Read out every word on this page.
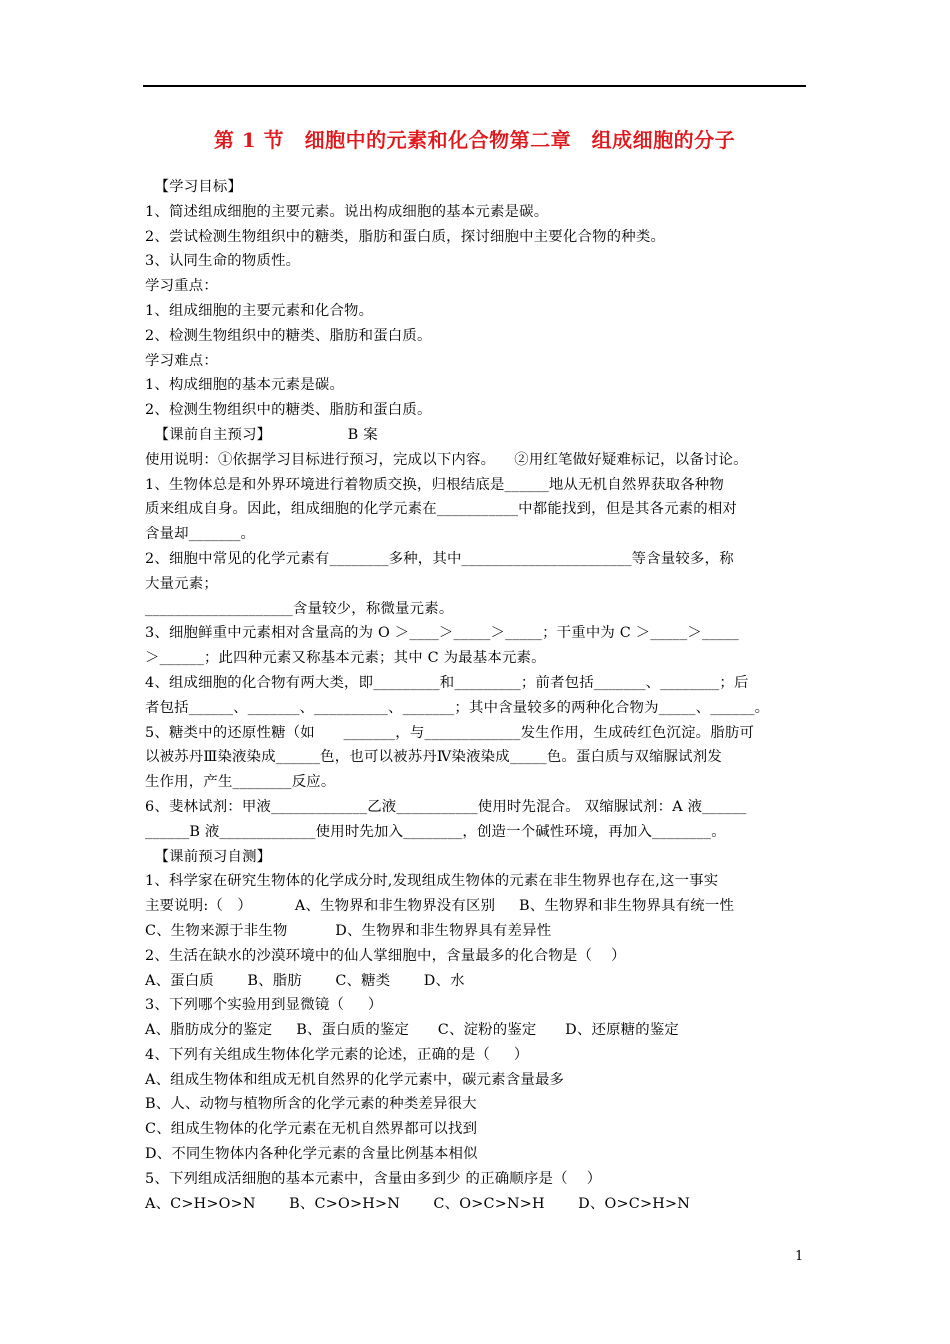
第 1 节　细胞中的元素和化合物第二章　组成细胞的分子
【学习目标】
1、简述组成细胞的主要元素。说出构成细胞的基本元素是碳。
2、尝试检测生物组织中的糖类，脂肪和蛋白质，探讨细胞中主要化合物的种类。
3、认同生命的物质性。
学习重点：
1、组成细胞的主要元素和化合物。
2、检测生物组织中的糖类、脂肪和蛋白质。
学习难点：
1、构成细胞的基本元素是碳。
2、检测生物组织中的糖类、脂肪和蛋白质。
【课前自主预习】                B 案
使用说明：①依据学习目标进行预习，完成以下内容。    ②用红笔做好疑难标记，以备讨论。
1、生物体总是和外界环境进行着物质交换，归根结底是______地从无机自然界获取各种物
质来组成自身。因此，组成细胞的化学元素在___________中都能找到，但是其各元素的相对
含量却_______。
2、细胞中常见的化学元素有________多种，其中_______________________等含量较多，称
大量元素；
____________________含量较少，称微量元素。
3、细胞鲜重中元素相对含量高的为 O ＞____＞_____＞_____；干重中为 C ＞_____＞_____
＞______；此四种元素又称基本元素；其中 C 为最基本元素。
4、组成细胞的化合物有两大类，即_________和_________；前者包括_______、________；后
者包括______、_______、__________、_______；其中含量较多的两种化合物为_____、______。
5、糖类中的还原性糖（如      _______，与_____________发生作用，生成砖红色沉淀。脂肪可
以被苏丹Ⅲ染液染成______色，也可以被苏丹Ⅳ染液染成_____色。蛋白质与双缩脲试剂发
生作用，产生________反应。
6、斐林试剂：甲液_____________乙液___________使用时先混合。 双缩脲试剂：A 液______
______B 液_____________使用时先加入________，创造一个碱性环境，再加入________。
【课前预习自测】
1、科学家在研究生物体的化学成分时,发现组成生物体的元素在非生物界也存在,这一事实
主要说明:（   ）         A、生物界和非生物界没有区别     B、生物界和非生物界具有统一性
C、生物来源于非生物          D、生物界和非生物界具有差异性
2、生活在缺水的沙漠环境中的仙人掌细胞中，含量最多的化合物是（    ）
A、蛋白质       B、脂肪       C、糖类       D、水
3、下列哪个实验用到显微镜（     ）
A、脂肪成分的鉴定     B、蛋白质的鉴定      C、淀粉的鉴定      D、还原糖的鉴定
4、下列有关组成生物体化学元素的论述，正确的是（     ）
A、组成生物体和组成无机自然界的化学元素中，碳元素含量最多
B、人、动物与植物所含的化学元素的种类差异很大
C、组成生物体的化学元素在无机自然界都可以找到
D、不同生物体内各种化学元素的含量比例基本相似
5、下列组成活细胞的基本元素中，含量由多到少 的正确顺序是（    ）
A、C>H>O>N       B、C>O>H>N       C、O>C>N>H       D、O>C>H>N
1
